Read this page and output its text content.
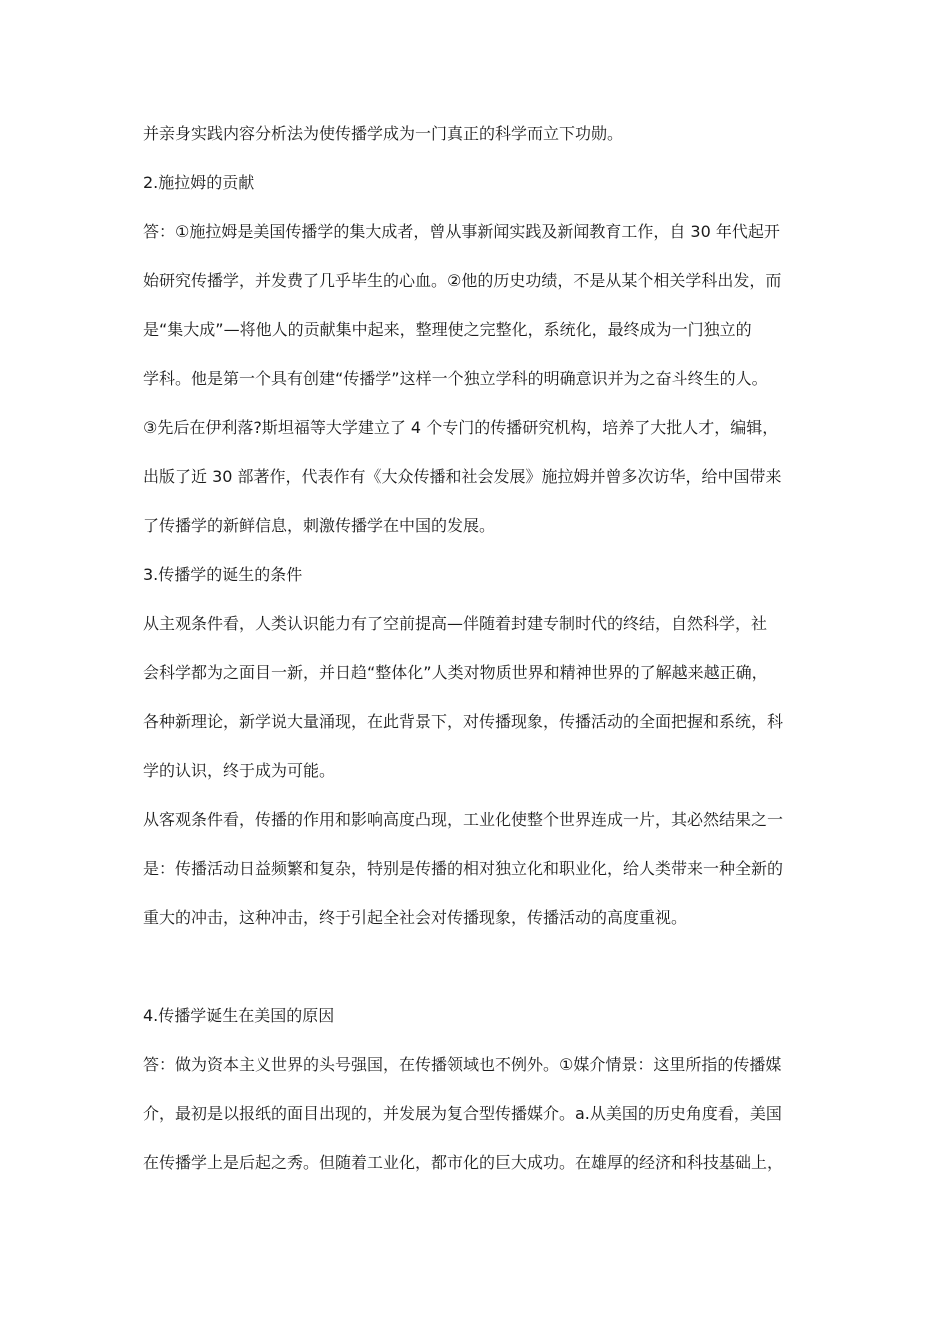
并亲身实践内容分析法为使传播学成为一门真正的科学而立下功勋。

2.施拉姆的贡献

答：①施拉姆是美国传播学的集大成者，曾从事新闻实践及新闻教育工作，自 30 年代起开

始研究传播学，并发费了几乎毕生的心血。②他的历史功绩，不是从某个相关学科出发，而

是“集大成”—将他人的贡献集中起来，整理使之完整化，系统化，最终成为一门独立的

学科。他是第一个具有创建“传播学”这样一个独立学科的明确意识并为之奋斗终生的人。

③先后在伊利落?斯坦福等大学建立了 4 个专门的传播研究机构，培养了大批人才，编辑，

出版了近 30 部著作，代表作有《大众传播和社会发展》施拉姆并曾多次访华，给中国带来

了传播学的新鲜信息，刺激传播学在中国的发展。

3.传播学的诞生的条件

从主观条件看，人类认识能力有了空前提高—伴随着封建专制时代的终结，自然科学，社

会科学都为之面目一新，并日趋“整体化”人类对物质世界和精神世界的了解越来越正确，

各种新理论，新学说大量涌现，在此背景下，对传播现象，传播活动的全面把握和系统，科

学的认识，终于成为可能。

从客观条件看，传播的作用和影响高度凸现，工业化使整个世界连成一片，其必然结果之一

是：传播活动日益频繁和复杂，特别是传播的相对独立化和职业化，给人类带来一种全新的

重大的冲击，这种冲击，终于引起全社会对传播现象，传播活动的高度重视。

4.传播学诞生在美国的原因

答：做为资本主义世界的头号强国，在传播领域也不例外。①媒介情景：这里所指的传播媒

介，最初是以报纸的面目出现的，并发展为复合型传播媒介。a.从美国的历史角度看，美国

在传播学上是后起之秀。但随着工业化，都市化的巨大成功。在雄厚的经济和科技基础上，
